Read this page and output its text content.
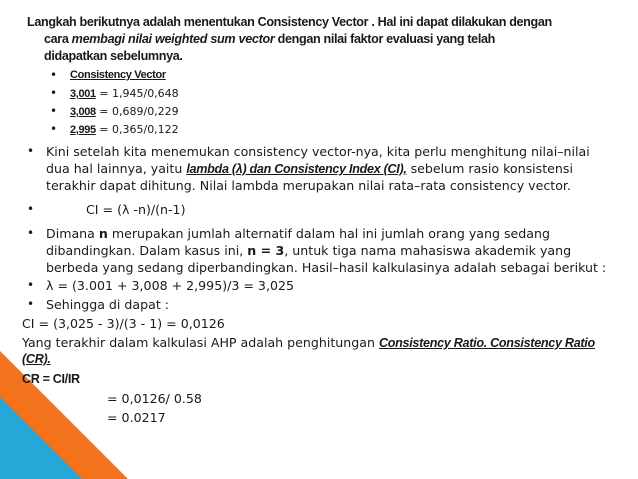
Langkah berikutnya adalah menentukan Consistency Vector . Hal ini dapat dilakukan dengan
cara membagi nilai weighted sum vector dengan nilai faktor evaluasi yang telah
didapatkan sebelumnya.
• Consistency Vector
• 3,001 = 1,945/0,648
• 3,008 = 0,689/0,229
• 2,995 = 0,365/0,122
• Kini setelah kita menemukan consistency vector-nya, kita perlu menghitung nilai–nilai
dua hal lainnya, yaitu lambda (λ) dan Consistency Index (CI), sebelum rasio konsistensi
terakhir dapat dihitung. Nilai lambda merupakan nilai rata–rata consistency vector.
•	CI = (λ -n)/(n-1)
• Dimana n merupakan jumlah alternatif dalam hal ini jumlah orang yang sedang
dibandingkan. Dalam kasus ini, n = 3, untuk tiga nama mahasiswa akademik yang
berbeda yang sedang diperbandingkan. Hasil–hasil kalkulasinya adalah sebagai berikut :
• λ = (3.001 + 3,008 + 2,995)/3 = 3,025
• Sehingga di dapat :
CI = (3,025 - 3)/(3 - 1) = 0,0126
Yang terakhir dalam kalkulasi AHP adalah penghitungan Consistency Ratio. Consistency Ratio
(CR).
CR = CI/IR
= 0,0126/ 0.58
= 0.0217
